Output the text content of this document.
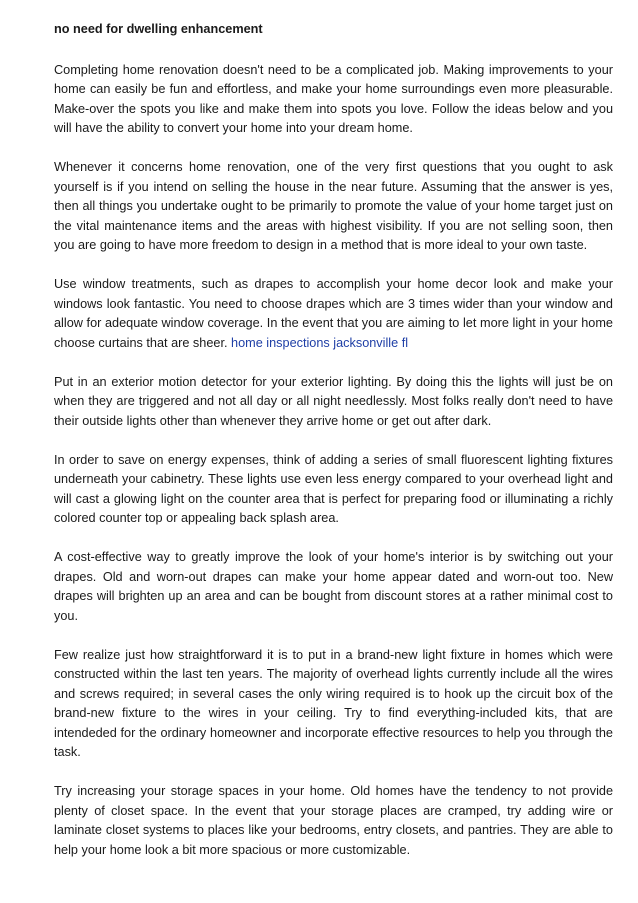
no need for dwelling enhancement

Completing home renovation doesn't need to be a complicated job. Making improvements to your home can easily be fun and effortless, and make your home surroundings even more pleasurable. Make-over the spots you like and make them into spots you love. Follow the ideas below and you will have the ability to convert your home into your dream home.

Whenever it concerns home renovation, one of the very first questions that you ought to ask yourself is if you intend on selling the house in the near future. Assuming that the answer is yes, then all things you undertake ought to be primarily to promote the value of your home target just on the vital maintenance items and the areas with highest visibility. If you are not selling soon, then you are going to have more freedom to design in a method that is more ideal to your own taste.

Use window treatments, such as drapes to accomplish your home decor look and make your windows look fantastic. You need to choose drapes which are 3 times wider than your window and allow for adequate window coverage. In the event that you are aiming to let more light in your home choose curtains that are sheer. home inspections jacksonville fl

Put in an exterior motion detector for your exterior lighting. By doing this the lights will just be on when they are triggered and not all day or all night needlessly. Most folks really don't need to have their outside lights other than whenever they arrive home or get out after dark.

In order to save on energy expenses, think of adding a series of small fluorescent lighting fixtures underneath your cabinetry. These lights use even less energy compared to your overhead light and will cast a glowing light on the counter area that is perfect for preparing food or illuminating a richly colored counter top or appealing back splash area.

A cost-effective way to greatly improve the look of your home's interior is by switching out your drapes. Old and worn-out drapes can make your home appear dated and worn-out too. New drapes will brighten up an area and can be bought from discount stores at a rather minimal cost to you.

Few realize just how straightforward it is to put in a brand-new light fixture in homes which were constructed within the last ten years. The majority of overhead lights currently include all the wires and screws required; in several cases the only wiring required is to hook up the circuit box of the brand-new fixture to the wires in your ceiling. Try to find everything-included kits, that are intendeded for the ordinary homeowner and incorporate effective resources to help you through the task.

Try increasing your storage spaces in your home. Old homes have the tendency to not provide plenty of closet space. In the event that your storage places are cramped, try adding wire or laminate closet systems to places like your bedrooms, entry closets, and pantries. They are able to help your home look a bit more spacious or more customizable.
